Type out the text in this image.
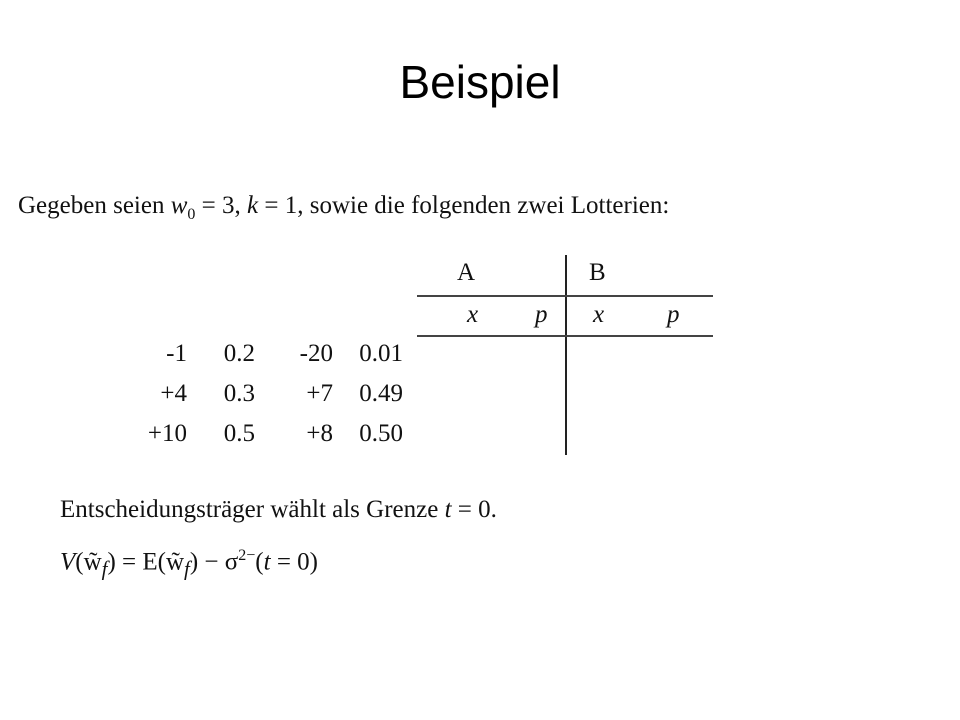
Beispiel
Gegeben seien $w_0 = 3$, k = 1, sowie die folgenden zwei Lotterien:
A	B
x p x	p
-1 0.2 -20 0.01
+4 0.3 +7 0.49
+10 0.5 +8 0.50
Entscheidungsträger wählt als Grenze t = 0.
$V(w̃_f)$ = $E(w̃_f) - \sigma^{2-}(t = 0)$
